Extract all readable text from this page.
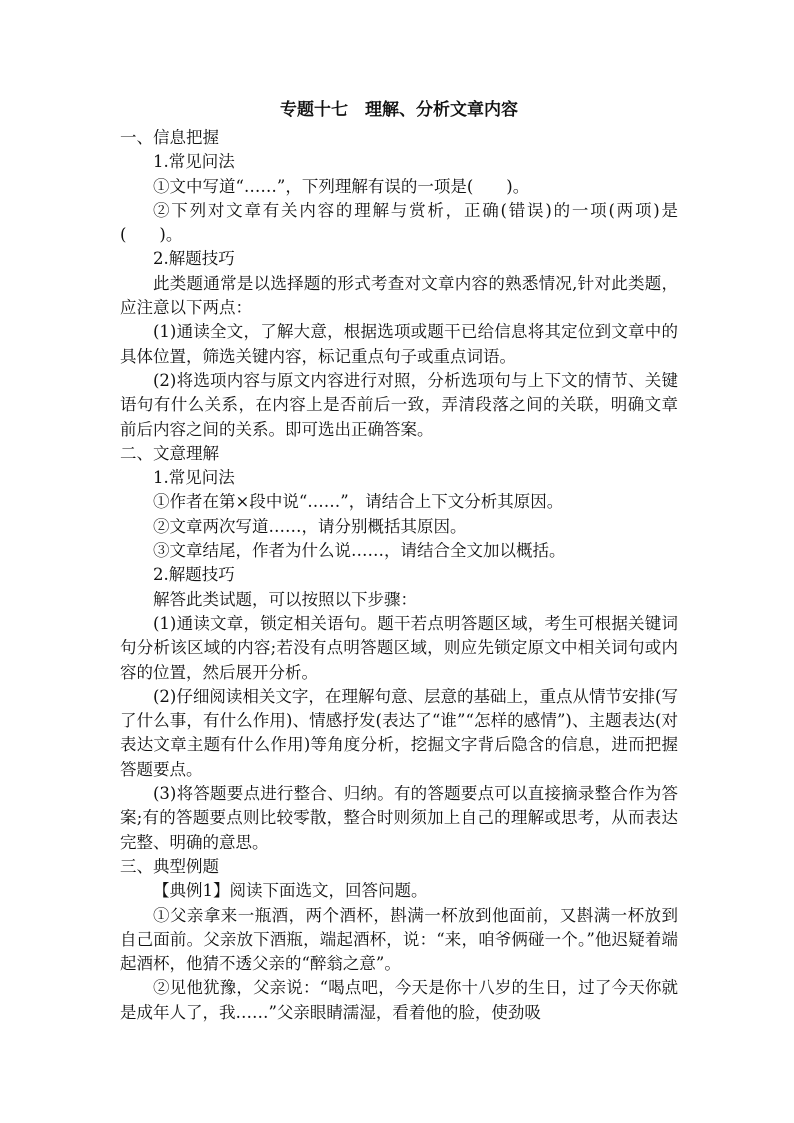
专题十七　理解、分析文章内容

一、信息把握

1.常见问法

①文中写道“……”，下列理解有误的一项是(　　)。

②下列对文章有关内容的理解与赏析，正确(错误)的一项(两项)是(　　)。

2.解题技巧

此类题通常是以选择题的形式考查对文章内容的熟悉情况,针对此类题，应注意以下两点：

(1)通读全文，了解大意，根据选项或题干已给信息将其定位到文章中的具体位置，筛选关键内容，标记重点句子或重点词语。

(2)将选项内容与原文内容进行对照，分析选项句与上下文的情节、关键语句有什么关系，在内容上是否前后一致，弄清段落之间的关联，明确文章前后内容之间的关系。即可选出正确答案。

二、文意理解

1.常见问法

①作者在第×段中说“……”，请结合上下文分析其原因。

②文章两次写道……，请分别概括其原因。

③文章结尾，作者为什么说……，请结合全文加以概括。

2.解题技巧

解答此类试题，可以按照以下步骤：

(1)通读文章，锁定相关语句。题干若点明答题区域，考生可根据关键词句分析该区域的内容;若没有点明答题区域，则应先锁定原文中相关词句或内容的位置，然后展开分析。

(2)仔细阅读相关文字，在理解句意、层意的基础上，重点从情节安排(写了什么事，有什么作用)、情感抒发(表达了“谁”“怎样的感情”)、主题表达(对表达文章主题有什么作用)等角度分析，挖掘文字背后隐含的信息，进而把握答题要点。

(3)将答题要点进行整合、归纳。有的答题要点可以直接摘录整合作为答案;有的答题要点则比较零散，整合时则须加上自己的理解或思考，从而表达完整、明确的意思。

三、典型例题

【典例1】阅读下面选文，回答问题。

①父亲拿来一瓶酒，两个酒杯，斟满一杯放到他面前，又斟满一杯放到自己面前。父亲放下酒瓶，端起酒杯，说：“来，咱爷俩碰一个。”他迟疑着端起酒杯，他猜不透父亲的“醉翁之意”。

②见他犹豫，父亲说：“喝点吧，今天是你十八岁的生日，过了今天你就是成年人了，我……”父亲眼睛濡湿，看着他的脸，使劲吸
